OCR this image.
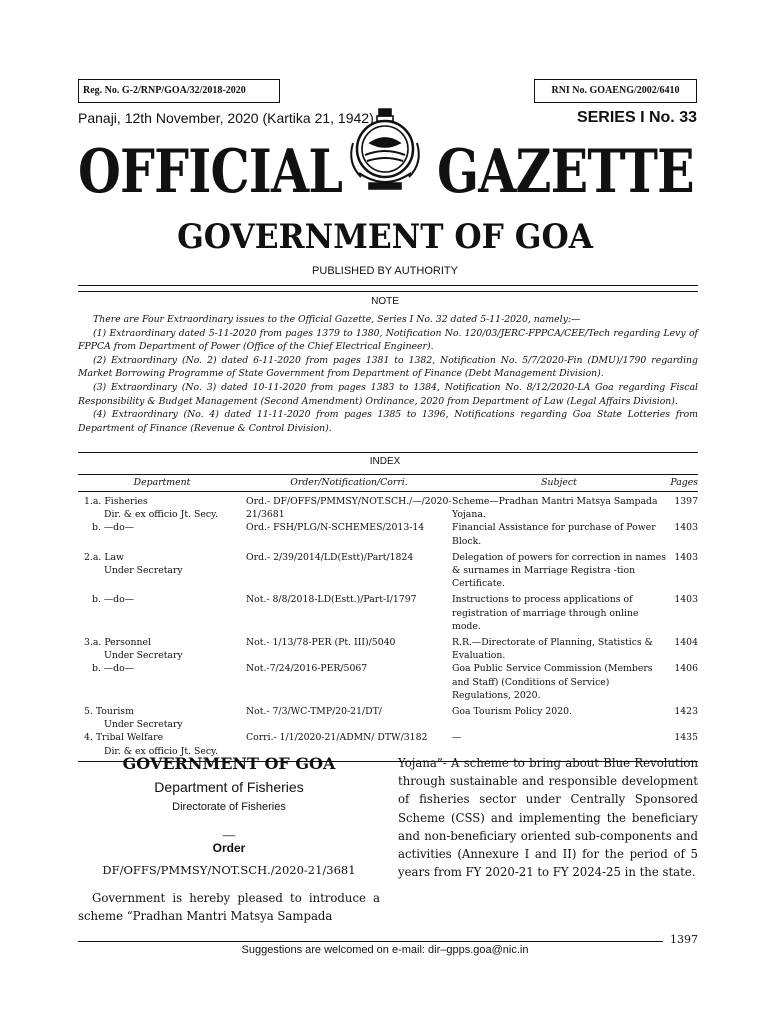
Reg. No. G-2/RNP/GOA/32/2018-2020	RNI No. GOAENG/2002/6410
Panaji, 12th November, 2020 (Kartika 21, 1942)	SERIES I No. 33
OFFICIAL GAZETTE
GOVERNMENT OF GOA
PUBLISHED BY AUTHORITY
NOTE

There are Four Extraordinary issues to the Official Gazette, Series I No. 32 dated 5-11-2020, namely:—

(1) Extraordinary dated 5-11-2020 from pages 1379 to 1380, Notification No. 120/03/JERC-FPPCA/CEE/Tech regarding Levy of FPPCA from Department of Power (Office of the Chief Electrical Engineer).

(2) Extraordinary (No. 2) dated 6-11-2020 from pages 1381 to 1382, Notification No. 5/7/2020-Fin (DMU)/1790 regarding Market Borrowing Programme of State Government from Department of Finance (Debt Management Division).

(3) Extraordinary (No. 3) dated 10-11-2020 from pages 1383 to 1384, Notification No. 8/12/2020-LA Goa regarding Fiscal Responsibility & Budget Management (Second Amendment) Ordinance, 2020 from Department of Law (Legal Affairs Division).

(4) Extraordinary (No. 4) dated 11-11-2020 from pages 1385 to 1396, Notifications regarding Goa State Lotteries from Department of Finance (Revenue & Control Division).

INDEX
Department	Order/Notification/Corri.	Subject	Pages
1.a. Fisheries
Dir. & ex officio Jt. Secy.	Ord.- DF/OFFS/PMMSY/NOT.SCH./—/2020-21/3681	Scheme—Pradhan Mantri Matsya Sampada Yojana.	1397
b. —do—	Ord.- FSH/PLG/N-SCHEMES/2013-14	Financial Assistance for purchase of Power Block.	1403
2.a. Law
Under Secretary	Ord.- 2/39/2014/LD(Estt)/Part/1824	Delegation of powers for correction in names & surnames in Marriage Registra -tion Certificate.	1403
b. —do—	Not.- 8/8/2018-LD(Estt.)/Part-I/1797	Instructions to process applications of registration of marriage through online mode.	1403
3.a. Personnel
Under Secretary	Not.- 1/13/78-PER (Pt. III)/5040	R.R.—Directorate of Planning, Statistics & Evaluation.	1404
b. —do—	Not.-7/24/2016-PER/5067	Goa Public Service Commission (Members and Staff) (Conditions of Service) Regulations, 2020.	1406
5. Tourism
Under Secretary	Not.- 7/3/WC-TMP/20-21/DT/	Goa Tourism Policy 2020.	1423
4. Tribal Welfare
Dir. & ex officio Jt. Secy.	Corri.- 1/1/2020-21/ADMN/ DTW/3182	—	1435
GOVERNMENT OF GOA
Department of Fisheries
Directorate of Fisheries
__
Order
DF/OFFS/PMMSY/NOT.SCH./2020-21/3681

Government is hereby pleased to introduce a scheme “Pradhan Mantri Matsya Sampada

Yojana”- A scheme to bring about Blue Revolution through sustainable and responsible development of fisheries sector under Centrally Sponsored Scheme (CSS) and implementing the beneficiary and non-beneficiary oriented sub-components and activities (Annexure I and II) for the period of 5 years from FY 2020-21 to FY 2024-25 in the state.

1397
Suggestions are welcomed on e-mail: dir–gpps.goa@nic.in
